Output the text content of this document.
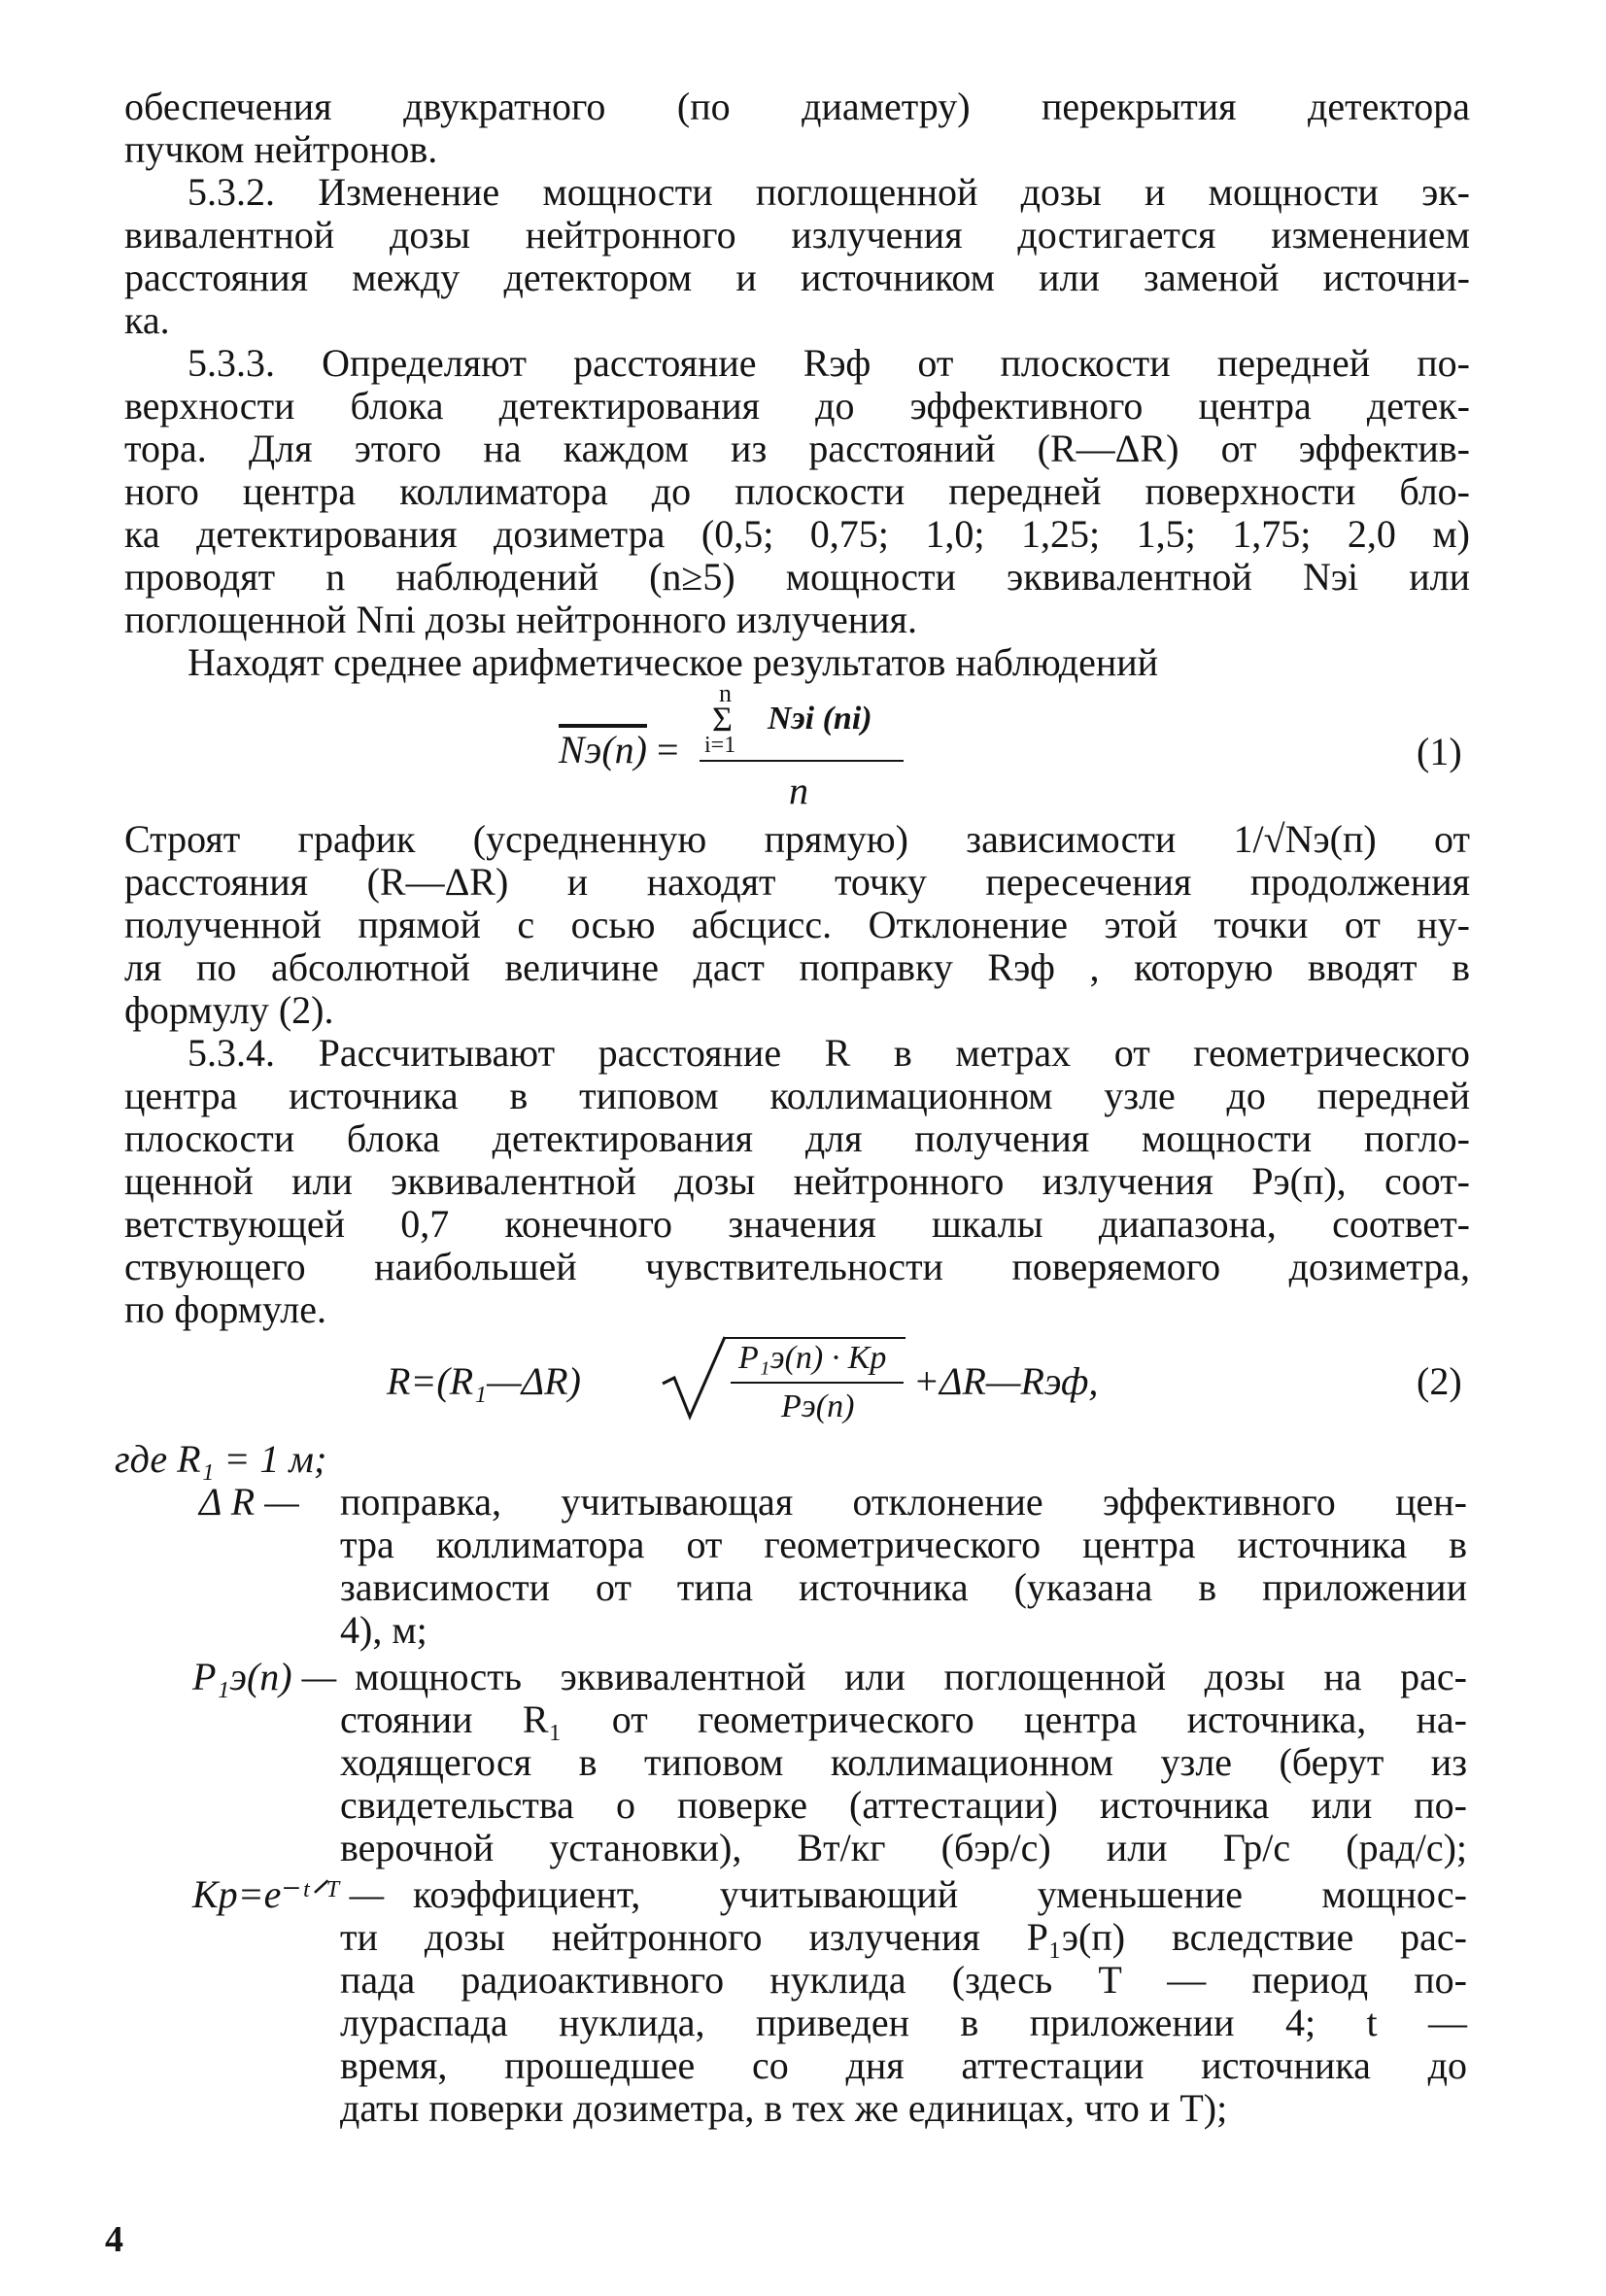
обеспечения двукратного (по диаметру) перекрытия детектора
пучком нейтронов.
5.3.2. Изменение мощности поглощенной дозы и мощности эк-
вивалентной дозы нейтронного излучения достигается изменением
расстояния между детектором и источником или заменой источни-
ка.
5.3.3. Определяют расстояние Rэф от плоскости передней по-
верхности блока детектирования до эффективного центра детек-
тора. Для этого на каждом из расстояний (R—ΔR) от эффектив-
ного центра коллиматора до плоскости передней поверхности бло-
ка детектирования дозиметра (0,5; 0,75; 1,0; 1,25; 1,5; 1,75; 2,0 м)
проводят n наблюдений (n≥5) мощности эквивалентной Nэi или
поглощенной Nпi дозы нейтронного излучения.
Находят среднее арифметическое результатов наблюдений
Nэ(п) =
n
Σ
i=1
Nэi (пi)
n
(1)
Строят график (усредненную прямую) зависимости 1/√Nэ(п) от
расстояния (R—ΔR) и находят точку пересечения продолжения
полученной прямой с осью абсцисс. Отклонение этой точки от ну-
ля по абсолютной величине даст поправку Rэф , которую вводят в
формулу (2).
5.3.4. Рассчитывают расстояние R в метрах от геометрического
центра источника в типовом коллимационном узле до передней
плоскости блока детектирования для получения мощности погло-
щенной или эквивалентной дозы нейтронного излучения Pэ(п), соот-
ветствующей 0,7 конечного значения шкалы диапазона, соответ-
ствующего наибольшей чувствительности поверяемого дозиметра,
по формуле.
R=(R₁—ΔR)
P₁э(п) · Kр
Pэ(п)
+ΔR—Rэф,	(2)
где R₁ = 1 м;
Δ R — поправка, учитывающая отклонение эффективного цен-
тра коллиматора от геометрического центра источника в
зависимости от типа источника (указана в приложении
4), м;
P₁э(п) — мощность эквивалентной или поглощенной дозы на рас-
стоянии R₁ от геометрического центра источника, на-
ходящегося в типовом коллимационном узле (берут из
свидетельства о поверке (аттестации) источника или по-
верочной установки), Вт/кг (бэр/с) или Гр/с (рад/с);
Kр=e⁻ᵗᐟᵀ — коэффициент, учитывающий уменьшение мощнос-
ти дозы нейтронного излучения P₁э(п) вследствие рас-
пада радиоактивного нуклида (здесь T — период по-
лураспада нуклида, приведен в приложении 4; t —
время, прошедшее со дня аттестации источника до
даты поверки дозиметра, в тех же единицах, что и T);
4
